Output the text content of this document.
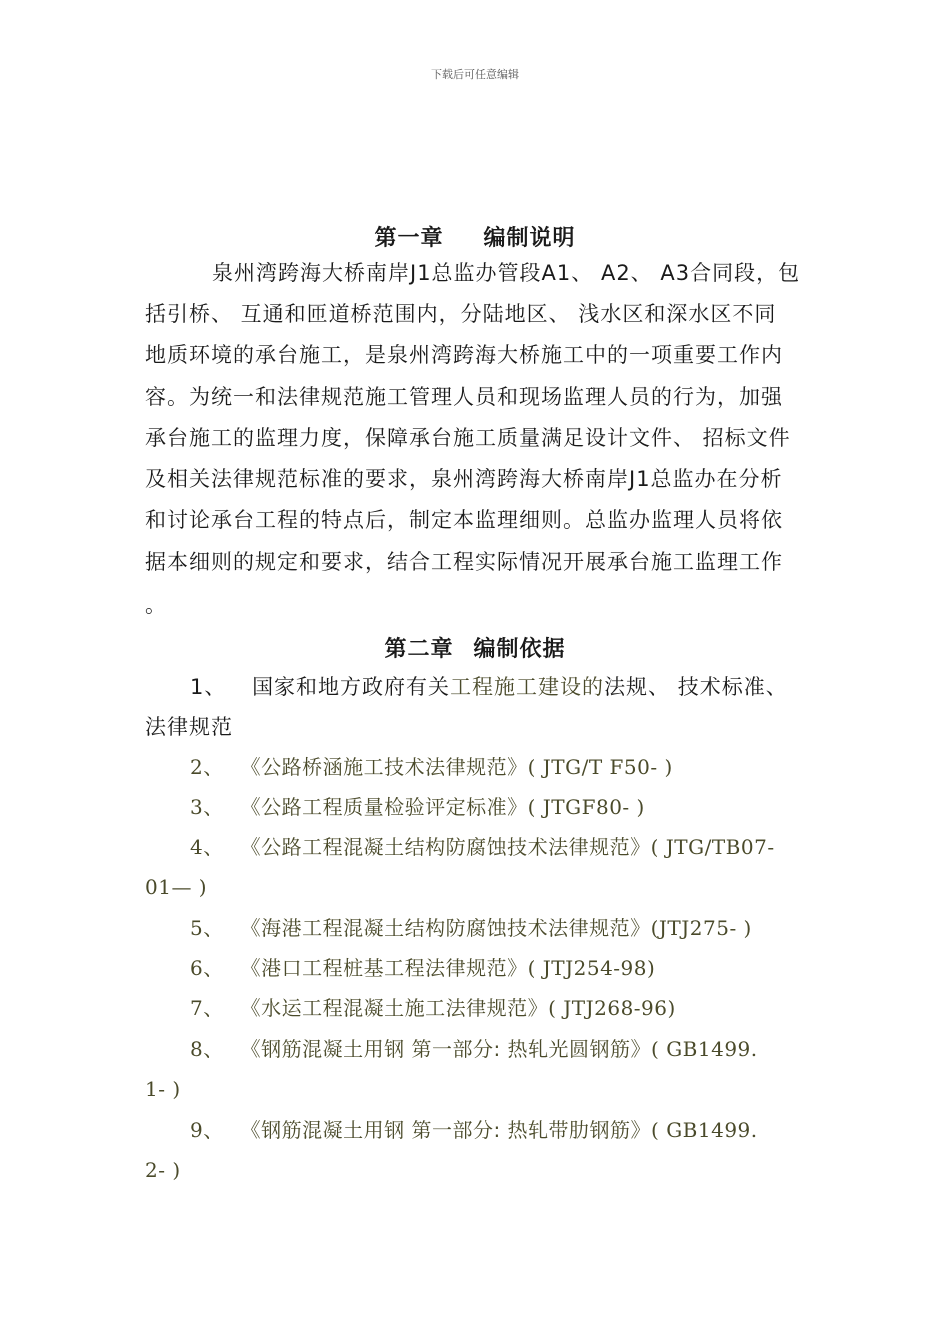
下载后可任意编辑
第一章 编制说明
泉州湾跨海大桥南岸J1总监办管段A1、 A2、 A3合同段，包
括引桥、 互通和匝道桥范围内，分陆地区、 浅水区和深水区不同
地质环境的承台施工，是泉州湾跨海大桥施工中的一项重要工作内
容。为统一和法律规范施工管理人员和现场监理人员的行为，加强
承台施工的监理力度，保障承台施工质量满足设计文件、 招标文件
及相关法律规范标准的要求，泉州湾跨海大桥南岸J1总监办在分析
和讨论承台工程的特点后，制定本监理细则。总监办监理人员将依
据本细则的规定和要求，结合工程实际情况开展承台施工监理工作
。
第二章 编制依据
1、 国家和地方政府有关工程施工建设的法规、 技术标准、
法律规范
2、 《公路桥涵施工技术法律规范》( JTG/T F50- )
3、 《公路工程质量检验评定标准》( JTGF80- )
4、 《公路工程混凝土结构防腐蚀技术法律规范》( JTG/TB07-
01— )
5、 《海港工程混凝土结构防腐蚀技术法律规范》(JTJ275- )
6、 《港口工程桩基工程法律规范》( JTJ254-98)
7、 《水运工程混凝土施工法律规范》( JTJ268-96)
8、 《钢筋混凝土用钢 第一部分: 热轧光圆钢筋》( GB1499.
1- )
9、 《钢筋混凝土用钢 第一部分: 热轧带肋钢筋》( GB1499.
2- )
